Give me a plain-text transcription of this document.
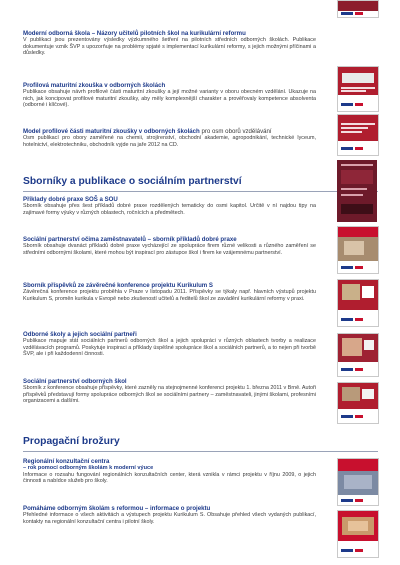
Moderní odborná škola – Názory učitelů pilotních škol na kurikulární reformu
V publikaci jsou prezentovány výsledky výzkumného šetření na pilotních středních odborných školách. Publikace dokumentuje vznik ŠVP s upozorňuje na problémy spjaté s implementací kurikulární reformy, s jejich možnými příčinami a důsledky.
Profilová maturitní zkouška v odborných školách
Publikace obsahuje návrh profilové části maturitní zkoušky a její možné varianty v oboru obecném vzdělání. Ukazuje na nich, jak koncipovat profilové maturitní zkoušky, aby měly komplexnější charakter a prověřovaly kompetence absolventa (odborné i klíčové).
Model profilové části maturitní zkoušky v odborných školách pro osm oborů vzdělávání
Osm publikací pro obory zaměřené na chemii, strojírenství, obchodní akademie, agropodnikání, technické lyceum, hotelnictví, elektrotechniku, obchodník vyjde na jaře 2012 na CD.
Sborníky a publikace o sociálním partnerství
Příklady dobré praxe SOŠ a SOU
Sborník obsahuje přes šest příkladů dobré praxe rozdělených tematicky do osmi kapitol. Určitě v ní najdou tipy na zajímavé formy výuky v různých oblastech, ročnících a předmětech.
Sociální partnerství očima zaměstnavatelů – sborník příkladů dobré praxe
Sborník obsahuje dvanáct příkladů dobré praxe vycházející ze spolupráce firem různé velikosti a různého zaměření se středními odbornými školami, které mohou být inspirací pro zástupce škol i firem ke vzájemnému partnerství.
Sborník příspěvků ze závěrečné konference projektu Kurikulum S
Závěrečná konference projektu proběhla v Praze v listopadu 2011. Příspěvky se týkaly např. hlavních výstupů projektu Kurikulum S, proměn kurikula v Evropě nebo zkušeností učitelů a ředitelů škol ze zavádění kurikulární reformy v praxi.
Odborné školy a jejich sociální partneři
Publikace mapuje stát sociálních partnerů odborných škol a jejich spolupráci v různých oblastech tvorby a realizace vzdělávacích programů. Poskytuje inspiraci a příklady úspěšné spolupráce škol a sociálních partnerů, a to nejen při tvorbě ŠVP, ale i při každodenní činnosti.
Sociální partnerství odborných škol
Sborník z konference obsahuje příspěvky, které zazněly na stejnojmenné konferenci projektu 1. března 2011 v Brně. Autoři příspěvků představují formy spolupráce odborných škol se sociálními partnery – zaměstnavateli, jinými školami, profesními organizacemi a dalšími.
Propagační brožury
Regionální konzultační centra
– rok pomocí odborným školám k moderní výuce
Informace o rozsahu fungování regionálních konzultačních center, která vznikla v rámci projektu v říjnu 2009, o jejich činnosti a nabídce služeb pro školy.
Pomáháme odborným školám s reformou – informace o projektu
Přehledné informace o všech aktivitách a výstupech projektu Kurikulum S. Obsahuje přehled všech vydaných publikací, kontakty na regionální konzultační centra i pilotní školy.
